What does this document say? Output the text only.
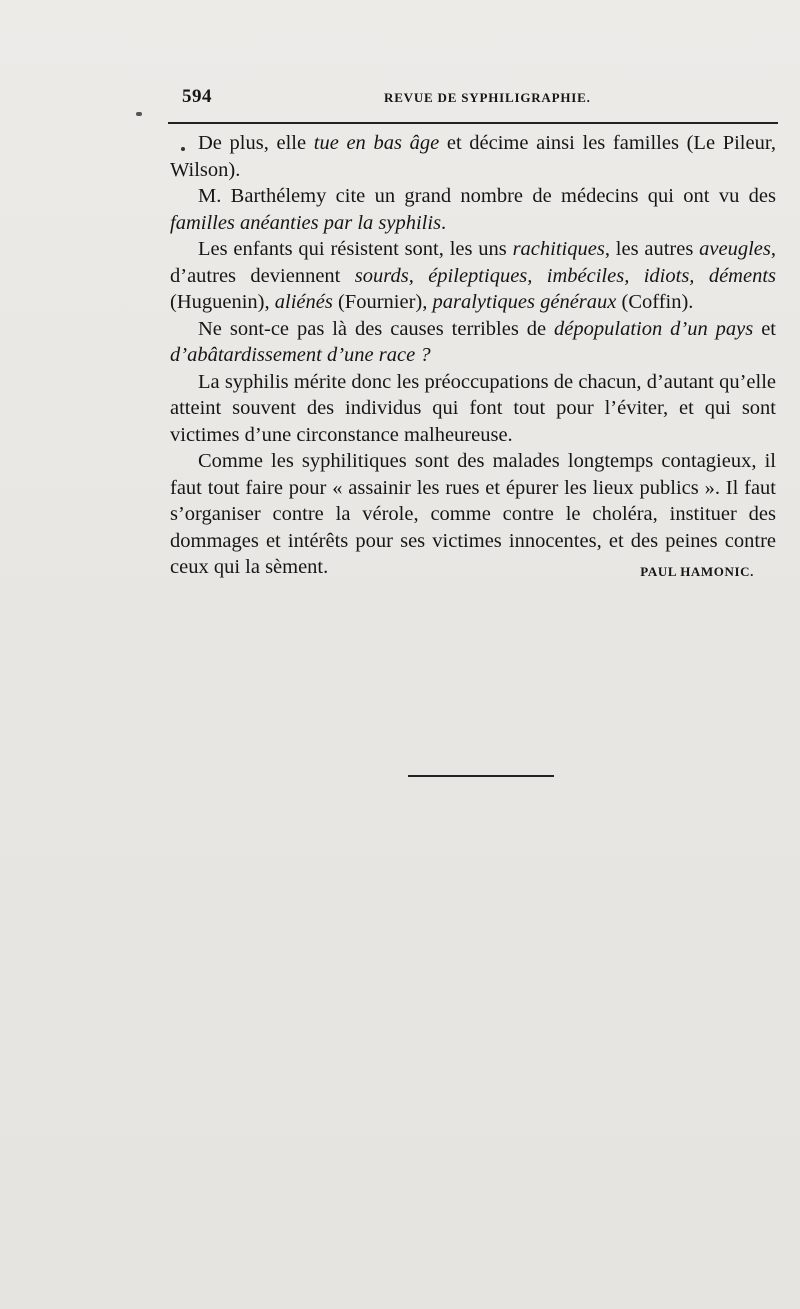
594	REVUE DE SYPHILIGRAPHIE.

De plus, elle tue en bas âge et décime ainsi les familles (Le Pileur, Wilson).

M. Barthélemy cite un grand nombre de médecins qui ont vu des familles anéanties par la syphilis.

Les enfants qui résistent sont, les uns rachitiques, les autres aveugles, d’autres deviennent sourds, épileptiques, imbéciles, idiots, déments (Huguenin), aliénés (Fournier), paralytiques généraux (Coffin).

Ne sont-ce pas là des causes terribles de dépopulation d’un pays et d’abâtardissement d’une race ?

La syphilis mérite donc les préoccupations de chacun, d’autant qu’elle atteint souvent des individus qui font tout pour l’éviter, et qui sont victimes d’une circonstance malheureuse.

Comme les syphilitiques sont des malades longtemps contagieux, il faut tout faire pour « assainir les rues et épurer les lieux publics ». Il faut s’organiser contre la vérole, comme contre le choléra, instituer des dommages et intérêts pour ses victimes innocentes, et des peines contre ceux qui la sèment.	PAUL HAMONIC.
